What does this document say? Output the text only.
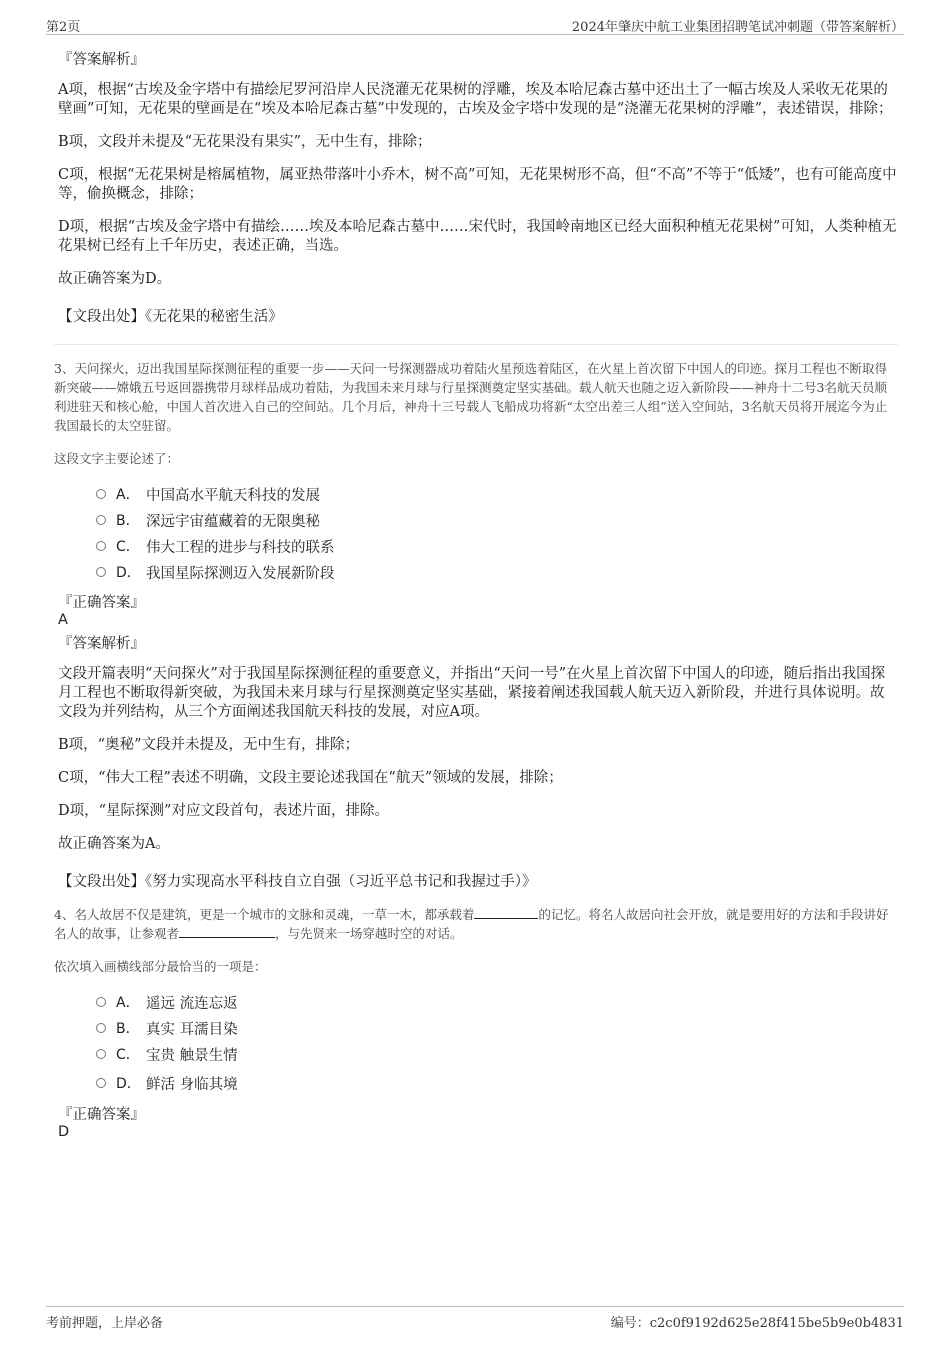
第2页	2024年肇庆中航工业集团招聘笔试冲刺题（带答案解析）
『答案解析』
A项，根据“古埃及金字塔中有描绘尼罗河沿岸人民浇灌无花果树的浮雕，埃及本哈尼森古墓中还出土了一幅古埃及人采收无花果的壁画”可知，无花果的壁画是在“埃及本哈尼森古墓”中发现的，古埃及金字塔中发现的是“浇灌无花果树的浮雕”，表述错误，排除；
B项，文段并未提及“无花果没有果实”，无中生有，排除；
C项，根据“无花果树是榕属植物，属亚热带落叶小乔木，树不高”可知，无花果树形不高，但“不高”不等于“低矮”，也有可能高度中等，偷换概念，排除；
D项，根据“古埃及金字塔中有描绘……埃及本哈尼森古墓中……宋代时，我国岭南地区已经大面积种植无花果树”可知，人类种植无花果树已经有上千年历史，表述正确，当选。
故正确答案为D。
【文段出处】《无花果的秘密生活》
3、天问探火，迈出我国星际探测征程的重要一步——天问一号探测器成功着陆火星预选着陆区，在火星上首次留下中国人的印迹。探月工程也不断取得新突破——嫦娥五号返回器携带月球样品成功着陆，为我国未来月球与行星探测奠定坚实基础。载人航天也随之迈入新阶段——神舟十二号3名航天员顺利进驻天和核心舱，中国人首次进入自己的空间站。几个月后，神舟十三号载人飞船成功将新“太空出差三人组”送入空间站，3名航天员将开展迄今为止我国最长的太空驻留。
这段文字主要论述了：
A． 中国高水平航天科技的发展
B． 深远宇宙蕴藏着的无限奥秘
C． 伟大工程的进步与科技的联系
D． 我国星际探测迈入发展新阶段
『正确答案』
A
『答案解析』
文段开篇表明“天问探火”对于我国星际探测征程的重要意义，并指出“天问一号”在火星上首次留下中国人的印迹，随后指出我国探月工程也不断取得新突破，为我国未来月球与行星探测奠定坚实基础，紧接着阐述我国载人航天迈入新阶段，并进行具体说明。故文段为并列结构，从三个方面阐述我国航天科技的发展，对应A项。
B项，“奥秘”文段并未提及，无中生有，排除；
C项，“伟大工程”表述不明确，文段主要论述我国在“航天”领域的发展，排除；
D项，“星际探测”对应文段首句，表述片面，排除。
故正确答案为A。
【文段出处】《努力实现高水平科技自立自强（习近平总书记和我握过手）》
4、名人故居不仅是建筑，更是一个城市的文脉和灵魂，一草一木，都承载着	的记忆。将名人故居向社会开放，就是要用好的方法和手段讲好名人的故事，让参观者	，与先贤来一场穿越时空的对话。
依次填入画横线部分最恰当的一项是：
A． 遥远 流连忘返
B． 真实 耳濡目染
C． 宝贵 触景生情
D． 鲜活 身临其境
『正确答案』
D
考前押题，上岸必备	编号：c2c0f9192d625e28f415be5b9e0b4831
